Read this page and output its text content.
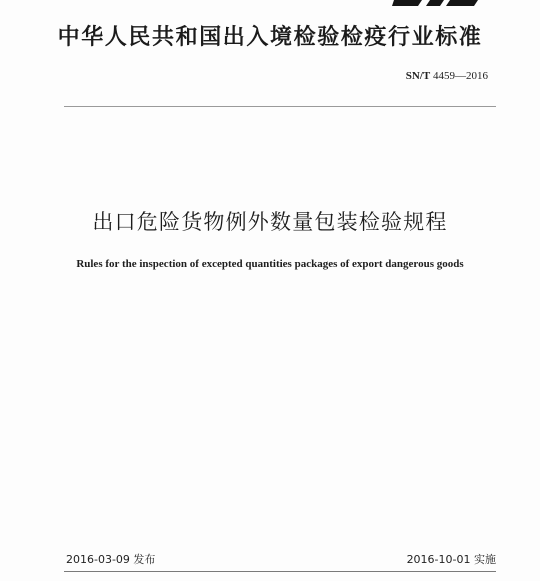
中华人民共和国出入境检验检疫行业标准
SN/T 4459—2016
出口危险货物例外数量包装检验规程
Rules for the inspection of excepted quantities packages of export dangerous goods
2016-03-09 发布	2016-10-01 实施
